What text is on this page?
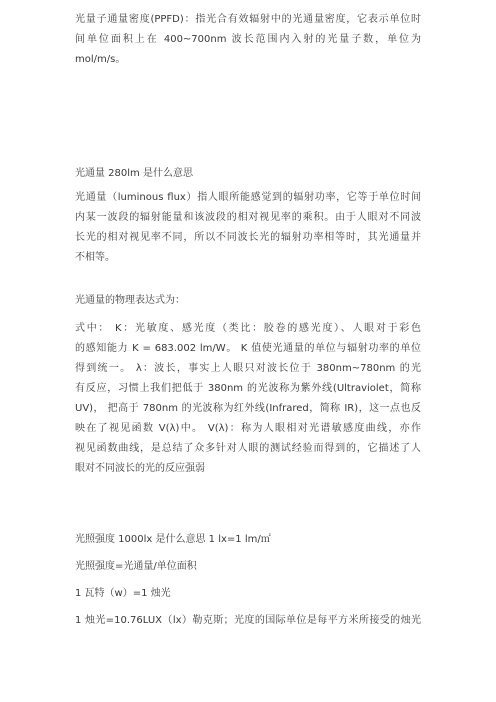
光量子通量密度(PPFD)：指光合有效辐射中的光通量密度，它表示单位时
间单位面积上在 400~700nm 波长范围内入射的光量子数，单位为
mol/m/s。
光通量 280lm 是什么意思
光通量（luminous flux）指人眼所能感觉到的辐射功率，它等于单位时间
内某一波段的辐射能量和该波段的相对视见率的乘积。由于人眼对不同波
长光的相对视见率不同，所以不同波长光的辐射功率相等时，其光通量并
不相等。
光通量的物理表达式为：
式中： K：光敏度、感光度（类比：胶卷的感光度）、人眼对于彩色
的感知能力 K = 683.002 lm/W。 K 值使光通量的单位与辐射功率的单位
得到统一。 λ：波长，事实上人眼只对波长位于 380nm~780nm 的光
有反应，习惯上我们把低于 380nm 的光波称为紫外线(Ultraviolet，简称
UV)， 把高于 780nm 的光波称为红外线(Infrared，简称 IR)，这一点也反
映在了视见函数 V(λ)中。 V(λ)：称为人眼相对光谱敏感度曲线，亦作
视见函数曲线，是总结了众多针对人眼的测试经验而得到的，它描述了人
眼对不同波长的光的反应强弱
光照强度 1000lx 是什么意思 1 lx=1 lm/㎡
光照强度=光通量/单位面积
1 瓦特（w）=1 烛光
1 烛光=10.76LUX（lx）勒克斯；光度的国际单位是每平方米所接受的烛光
